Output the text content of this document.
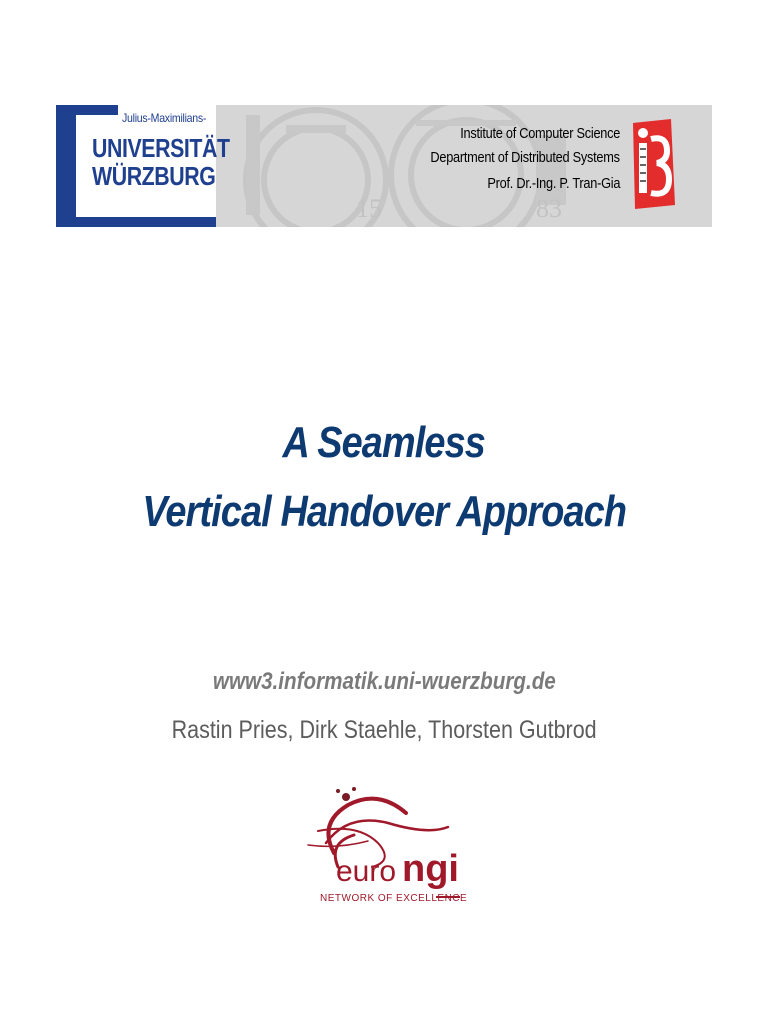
15	83
Julius-Maximilians-
UNIVERSITÄT
WÜRZBURG
Institute of Computer Science
Department of Distributed Systems
Prof. Dr.-Ing. P. Tran-Gia
A Seamless
Vertical Handover Approach
www3.informatik.uni-wuerzburg.de
Rastin Pries, Dirk Staehle, Thorsten Gutbrod
euro ngi
NETWORK OF EXCELLENCE
